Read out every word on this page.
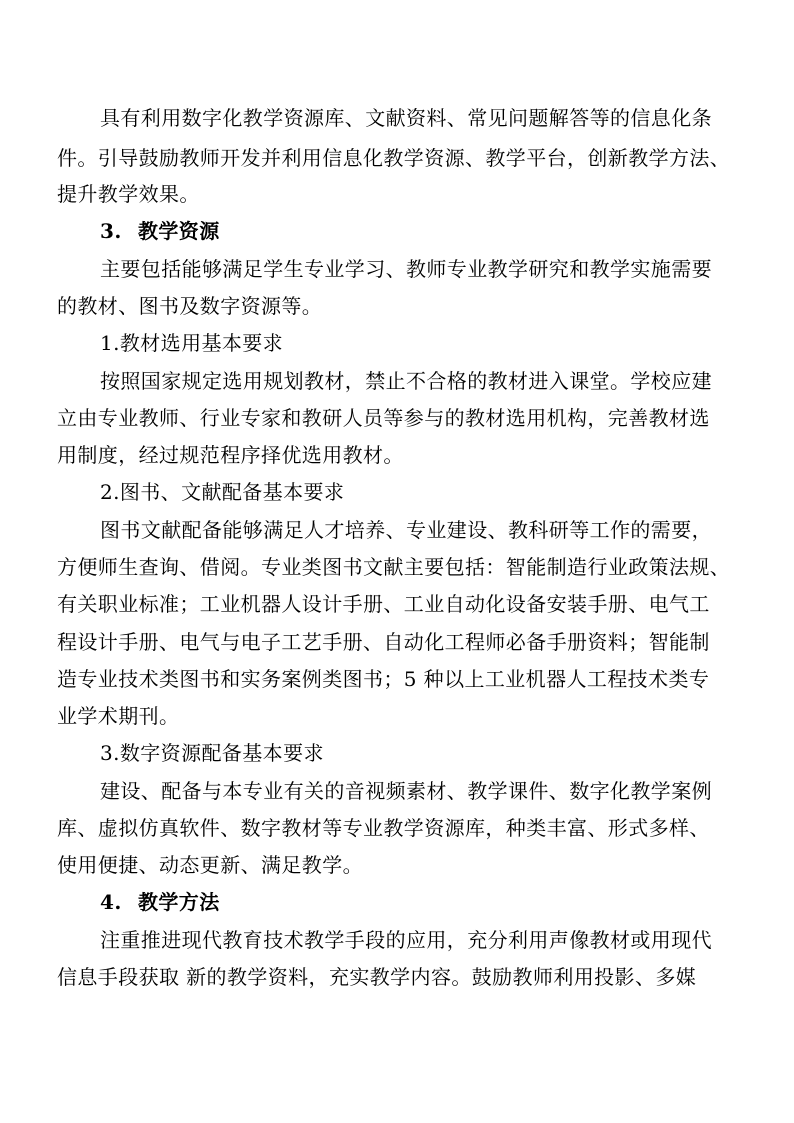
具有利用数字化教学资源库、文献资料、常见问题解答等的信息化条
件。引导鼓励教师开发并利用信息化教学资源、教学平台，创新教学方法、
提升教学效果。
3. 教学资源
主要包括能够满足学生专业学习、教师专业教学研究和教学实施需要
的教材、图书及数字资源等。
1.教材选用基本要求
按照国家规定选用规划教材，禁止不合格的教材进入课堂。学校应建
立由专业教师、行业专家和教研人员等参与的教材选用机构，完善教材选
用制度，经过规范程序择优选用教材。
2.图书、文献配备基本要求
图书文献配备能够满足人才培养、专业建设、教科研等工作的需要，
方便师生查询、借阅。专业类图书文献主要包括：智能制造行业政策法规、
有关职业标准；工业机器人设计手册、工业自动化设备安装手册、电气工
程设计手册、电气与电子工艺手册、自动化工程师必备手册资料；智能制
造专业技术类图书和实务案例类图书；5 种以上工业机器人工程技术类专
业学术期刊。
3.数字资源配备基本要求
建设、配备与本专业有关的音视频素材、教学课件、数字化教学案例
库、虚拟仿真软件、数字教材等专业教学资源库，种类丰富、形式多样、
使用便捷、动态更新、满足教学。
4. 教学方法
注重推进现代教育技术教学手段的应用，充分利用声像教材或用现代
信息手段获取 新的教学资料，充实教学内容。鼓励教师利用投影、多媒
